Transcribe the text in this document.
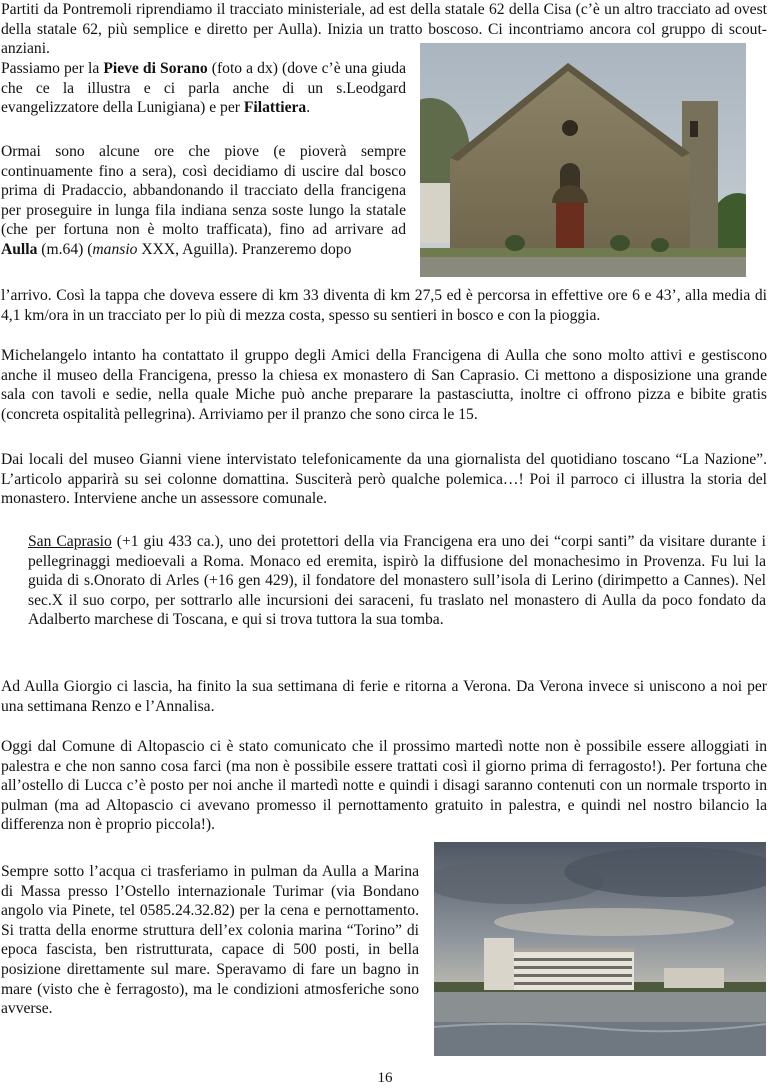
Partiti da Pontremoli riprendiamo il tracciato ministeriale, ad est della statale 62 della Cisa (c’è un altro tracciato ad ovest della statale 62, più semplice e diretto per Aulla). Inizia un tratto boscoso. Ci incontriamo ancora col gruppo di scout-anziani.

Passiamo per la Pieve di Sorano (foto a dx) (dove c’è una giuda che ce la illustra e ci parla anche di un s.Leodgard evangelizzatore della Lunigiana) e per Filattiera.

Ormai sono alcune ore che piove (e pioverà sempre continuamente fino a sera), così decidiamo di uscire dal bosco prima di Pradaccio, abbandonando il tracciato della francigena per proseguire in lunga fila indiana senza soste lungo la statale (che per fortuna non è molto trafficata), fino ad arrivare ad Aulla (m.64) (mansio XXX, Aguilla). Pranzeremo dopo

l’arrivo. Così la tappa che doveva essere di km 33 diventa di km 27,5 ed è percorsa in effettive ore 6 e 43’, alla media di 4,1 km/ora in un tracciato per lo più di mezza costa, spesso su sentieri in bosco e con la pioggia.

Michelangelo intanto ha contattato il gruppo degli Amici della Francigena di Aulla che sono molto attivi e gestiscono anche il museo della Francigena, presso la chiesa ex monastero di San Caprasio. Ci mettono a disposizione una grande sala con tavoli e sedie, nella quale Miche può anche preparare la pastasciutta, inoltre ci offrono pizza e bibite gratis (concreta ospitalità pellegrina). Arriviamo per il pranzo che sono circa le 15.

Dai locali del museo Gianni viene intervistato telefonicamente da una giornalista del quotidiano toscano “La Nazione”. L’articolo apparirà su sei colonne domattina. Susciterà però qualche polemica…! Poi il parroco ci illustra la storia del monastero. Interviene anche un assessore comunale.

San Caprasio (+1 giu 433 ca.), uno dei protettori della via Francigena era uno dei “corpi santi” da visitare durante i pellegrinaggi medioevali a Roma. Monaco ed eremita, ispirò la diffusione del monachesimo in Provenza. Fu lui la guida di s.Onorato di Arles (+16 gen 429), il fondatore del monastero sull’isola di Lerino (dirimpetto a Cannes). Nel sec.X il suo corpo, per sottrarlo alle incursioni dei saraceni, fu traslato nel monastero di Aulla da poco fondato da Adalberto marchese di Toscana, e qui si trova tuttora la sua tomba.

Ad Aulla Giorgio ci lascia, ha finito la sua settimana di ferie e ritorna a Verona. Da Verona invece si uniscono a noi per una settimana Renzo e l’Annalisa.

Oggi dal Comune di Altopascio ci è stato comunicato che il prossimo martedì notte non è possibile essere alloggiati in palestra e che non sanno cosa farci (ma non è possibile essere trattati così il giorno prima di ferragosto!). Per fortuna che all’ostello di Lucca c’è posto per noi anche il martedì notte e quindi i disagi saranno contenuti con un normale trsporto in pulman (ma ad Altopascio ci avevano promesso il pernottamento gratuito in palestra, e quindi nel nostro bilancio la differenza non è proprio piccola!).

Sempre sotto l’acqua ci trasferiamo in pulman da Aulla a Marina di Massa presso l’Ostello internazionale Turimar (via Bondano angolo via Pinete, tel 0585.24.32.82) per la cena e pernottamento. Si tratta della enorme struttura dell’ex colonia marina “Torino” di epoca fascista, ben ristrutturata, capace di 500 posti, in bella posizione direttamente sul mare. Speravamo di fare un bagno in mare (visto che è ferragosto), ma le condizioni atmosferiche sono avverse.

16
